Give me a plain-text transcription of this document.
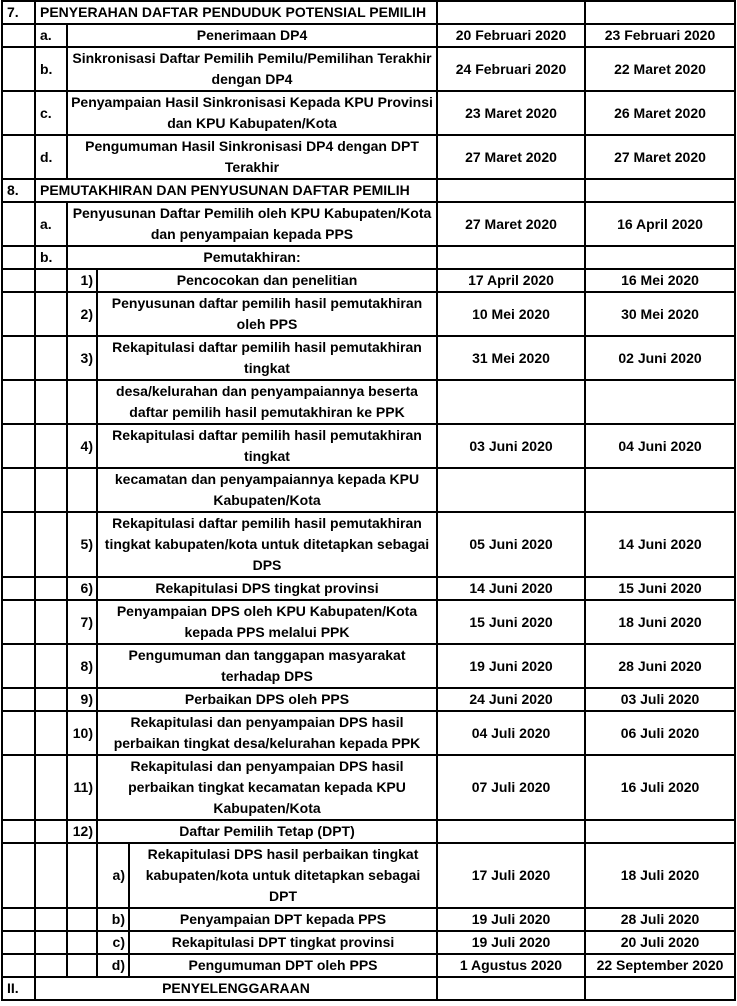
7.	PENYERAHAN DAFTAR PENDUDUK POTENSIAL PEMILIH					
	a.	Penerimaan DP4			20 Februari 2020	23 Februari 2020
	b.	Sinkronisasi Daftar Pemilih Pemilu/Pemilihan Terakhir dengan DP4			24 Februari 2020	22 Maret 2020
	c.	Penyampaian Hasil Sinkronisasi Kepada KPU Provinsi dan KPU Kabupaten/Kota			23 Maret 2020	26 Maret 2020
	d.	Pengumuman Hasil Sinkronisasi DP4 dengan DPT Terakhir			27 Maret 2020	27 Maret 2020
8.	PEMUTAKHIRAN DAN PENYUSUNAN DAFTAR PEMILIH					
	a.	Penyusunan Daftar Pemilih oleh KPU Kabupaten/Kota dan penyampaian kepada PPS			27 Maret 2020	16 April 2020
	b.	Pemutakhiran:				
		1)	Pencocokan dan penelitian		17 April 2020	16 Mei 2020
		2)	Penyusunan daftar pemilih hasil pemutakhiran oleh PPS		10 Mei 2020	30 Mei 2020
		3)	Rekapitulasi daftar pemilih hasil pemutakhiran tingkat		31 Mei 2020	02 Juni 2020
			desa/kelurahan dan penyampaiannya beserta daftar pemilih hasil pemutakhiran ke PPK			
		4)	Rekapitulasi daftar pemilih hasil pemutakhiran tingkat		03 Juni 2020	04 Juni 2020
			kecamatan dan penyampaiannya kepada KPU Kabupaten/Kota			
		5)	Rekapitulasi daftar pemilih hasil pemutakhiran tingkat kabupaten/kota untuk ditetapkan sebagai DPS		05 Juni 2020	14 Juni 2020
		6)	Rekapitulasi DPS tingkat provinsi		14 Juni 2020	15 Juni 2020
		7)	Penyampaian DPS oleh KPU Kabupaten/Kota kepada PPS melalui PPK		15 Juni 2020	18 Juni 2020
		8)	Pengumuman dan tanggapan masyarakat terhadap DPS		19 Juni 2020	28 Juni 2020
		9)	Perbaikan DPS oleh PPS		24 Juni 2020	03 Juli 2020
		10)	Rekapitulasi dan penyampaian DPS hasil perbaikan tingkat desa/kelurahan kepada PPK		04 Juli 2020	06 Juli 2020
		11)	Rekapitulasi dan penyampaian DPS hasil perbaikan tingkat kecamatan kepada KPU Kabupaten/Kota		07 Juli 2020	16 Juli 2020
		12)	Daftar Pemilih Tetap (DPT)			
			a)	Rekapitulasi DPS hasil perbaikan tingkat kabupaten/kota untuk ditetapkan sebagai DPT	17 Juli 2020	18 Juli 2020
			b)	Penyampaian DPT kepada PPS	19 Juli 2020	28 Juli 2020
			c)	Rekapitulasi DPT tingkat provinsi	19 Juli 2020	20 Juli 2020
			d)	Pengumuman DPT oleh PPS	1 Agustus 2020	22 September 2020
II.	PENYELENGGARAAN					
